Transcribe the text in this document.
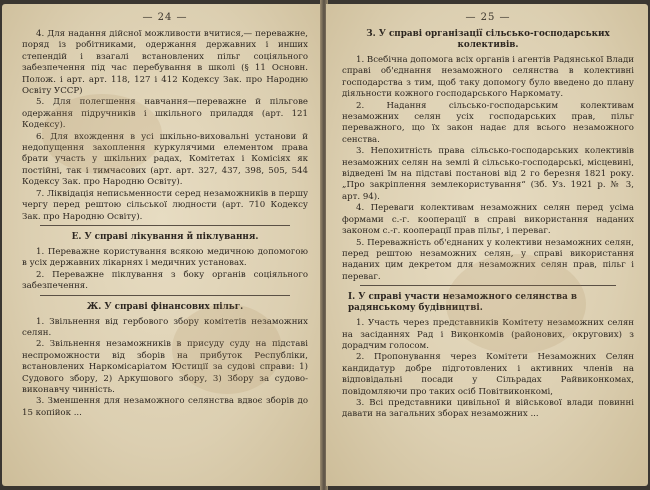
— 24 —

4. Для надання дійсної можливости вчитися,— переважне, поряд із робітниками, одержання державних і инших степендій і взагалі встановлених пільг соціяльного забезпечення під час перебування в школі (§ 11 Основн. Полож. і арт. арт. 118, 127 і 412 Кодексу Зак. про Народню Освіту УССР)

5. Для полегшення навчання—переважне й пільгове одержання підручників і шкільного приладдя (арт. 121 Кодексу).

6. Для вхождення в усі шкільно-виховальні установи й недопущення захоплення куркулячими елементом права брати участь у шкільних радах, Комітетах і Комісіях як постійні, так і тимчасових (арт. арт. 327, 437, 398, 505, 544 Кодексу Зак. про Народню Освіту).

7. Ліквідація неписьменности серед незаможників в першу чергу перед рештою сільської людности (арт. 710 Кодексу Зак. про Народню Освіту).

Е. У справі лікування й піклування.

1. Переважне користування всякою медичною допомогою в усіх державних лікарнях і медичних установах.

2. Переважне піклування з боку органів соціяльного забезпечення.

Ж. У справі фінансових пільг.

1. Звільнення від гербового збору комітетів незаможних селян.

2. Звільнення незаможників в присуду суду на підставі неспроможности від зборів на прибуток Республіки, встановлених Наркомісаріатом Юстиції за судові справи: 1) Судового збору, 2) Аркушового збору, 3) Збору за судово-виконавчу чинність.

3. Зменшення для незаможного селянства вдвоє зборів до 15 копійок ...

— 25 —
З. У справі організації сільсько-господарських колективів.

1. Всебічна допомога всіх органів і агентів Радянської Влади справі об'єднання незаможного селянства в колективні господарства з тим, щоб таку допомогу було введено до плану діяльности кожного господарського Наркомату.

2. Надання сільсько-господарським колективам незаможних селян усіх господарських прав, пільг переважного, що їх закон надає для всього незаможного сенства.

3. Непохитність права сільсько-господарських колективів незаможних селян на землі й сільсько-господарські, місцевині, відведені їм на підставі постанові від 2 го березня 1821 року. „Про закріплення землекористування“ (Зб. Уз. 1921 р. № 3, арт. 94).

4. Переваги колективам незаможних селян перед усіма формами с.-г. кооперації в справі використання наданих законом с.-г. кооперації прав пільг, і переваг.

5. Переважність об'єднаних у колективи незаможних селян, перед рештою незаможних селян, у справі використання наданих цим декретом для незаможних селян прав, пільг і переваг.

І. У справі участи незаможного селянства в радянському будівництві.

1. Участь через представників Комітету незаможних селян на засіданнях Рад і Виконкомів (районових, округових) з дорадчим голосом.

2. Пропонування через Комітети Незаможних Селян кандидатур добре підготовлених і активних членів на відповідальні посади у Сільрадах Райвиконкомах, повідомляючи про таких осіб Повітвиконкомі,

3. Всі представники цивільної й військової влади повинні давати на загальних зборах незаможних ...
